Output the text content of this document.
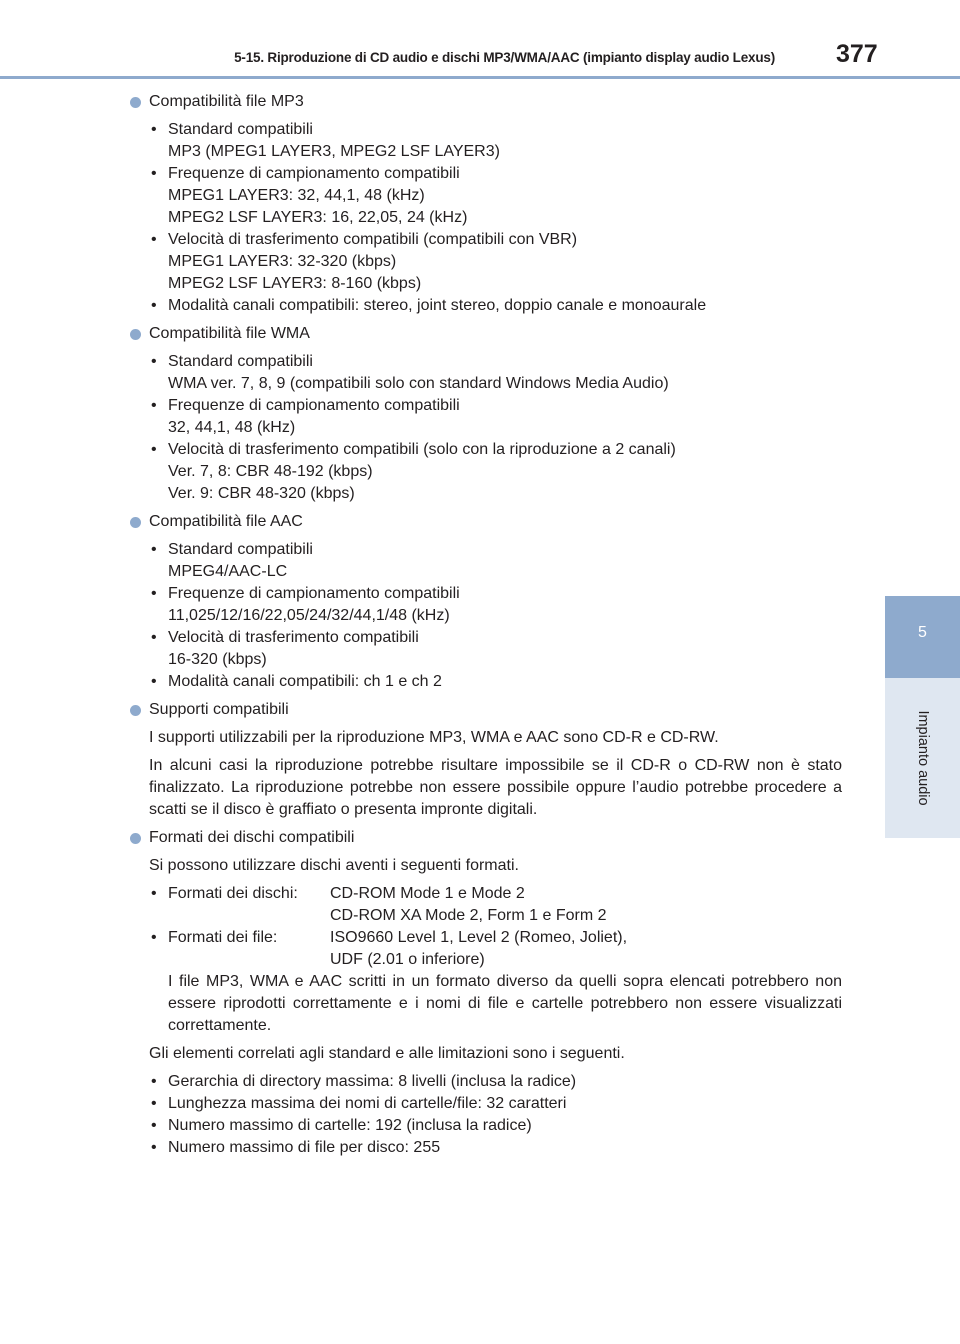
5-15. Riproduzione di CD audio e dischi MP3/WMA/AAC (impianto display audio Lexus) 377
5
Impianto audio
Compatibilità file MP3
• Standard compatibili
MP3 (MPEG1 LAYER3, MPEG2 LSF LAYER3)
• Frequenze di campionamento compatibili
MPEG1 LAYER3: 32, 44,1, 48 (kHz)
MPEG2 LSF LAYER3: 16, 22,05, 24 (kHz)
• Velocità di trasferimento compatibili (compatibili con VBR)
MPEG1 LAYER3: 32-320 (kbps)
MPEG2 LSF LAYER3: 8-160 (kbps)
• Modalità canali compatibili: stereo, joint stereo, doppio canale e monoaurale
Compatibilità file WMA
• Standard compatibili
WMA ver. 7, 8, 9 (compatibili solo con standard Windows Media Audio)
• Frequenze di campionamento compatibili
32, 44,1, 48 (kHz)
• Velocità di trasferimento compatibili (solo con la riproduzione a 2 canali)
Ver. 7, 8: CBR 48-192 (kbps)
Ver. 9: CBR 48-320 (kbps)
Compatibilità file AAC
• Standard compatibili
MPEG4/AAC-LC
• Frequenze di campionamento compatibili
11,025/12/16/22,05/24/32/44,1/48 (kHz)
• Velocità di trasferimento compatibili
16-320 (kbps)
• Modalità canali compatibili: ch 1 e ch 2
Supporti compatibili

I supporti utilizzabili per la riproduzione MP3, WMA e AAC sono CD-R e CD-RW.

In alcuni casi la riproduzione potrebbe risultare impossibile se il CD-R o CD-RW non è stato finalizzato. La riproduzione potrebbe non essere possibile oppure l’audio potrebbe procedere a scatti se il disco è graffiato o presenta impronte digitali.

Formati dei dischi compatibili

Si possono utilizzare dischi aventi i seguenti formati.

• Formati dei dischi:	CD-ROM Mode 1 e Mode 2
CD-ROM XA Mode 2, Form 1 e Form 2
• Formati dei file:	ISO9660 Level 1, Level 2 (Romeo, Joliet),
UDF (2.01 o inferiore)
I file MP3, WMA e AAC scritti in un formato diverso da quelli sopra elencati potrebbero non essere riprodotti correttamente e i nomi di file e cartelle potrebbero non essere visualizzati correttamente.

Gli elementi correlati agli standard e alle limitazioni sono i seguenti.

• Gerarchia di directory massima: 8 livelli (inclusa la radice)
• Lunghezza massima dei nomi di cartelle/file: 32 caratteri
• Numero massimo di cartelle: 192 (inclusa la radice)
• Numero massimo di file per disco: 255
